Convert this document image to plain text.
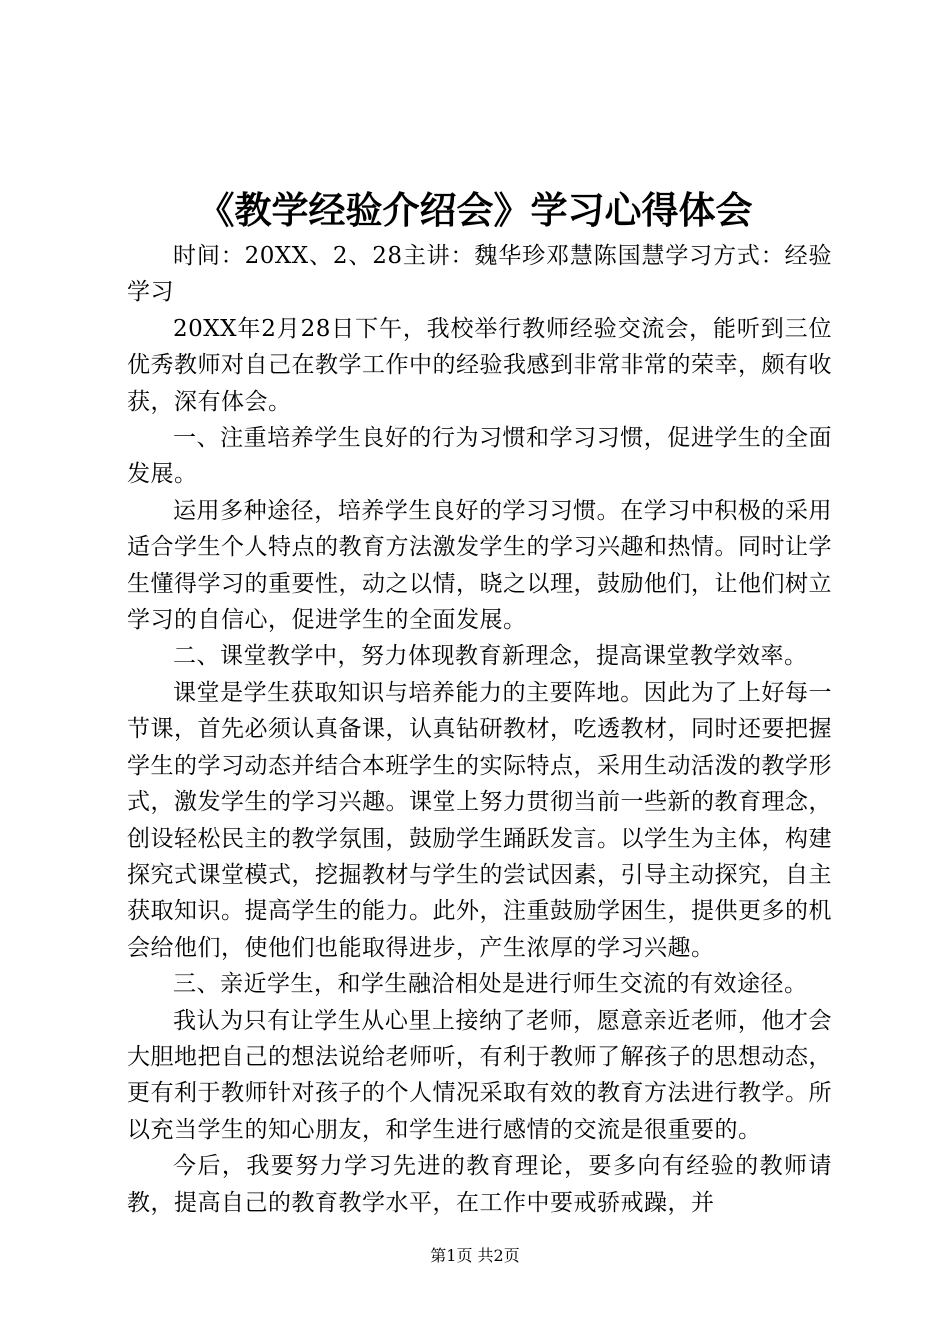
《教学经验介绍会》学习心得体会

时间：20XX、2、28主讲：魏华珍邓慧陈国慧学习方式：经验学习

20XX年2月28日下午，我校举行教师经验交流会，能听到三位优秀教师对自己在教学工作中的经验我感到非常非常的荣幸，颇有收获，深有体会。

一、注重培养学生良好的行为习惯和学习习惯，促进学生的全面发展。

运用多种途径，培养学生良好的学习习惯。在学习中积极的采用适合学生个人特点的教育方法激发学生的学习兴趣和热情。同时让学生懂得学习的重要性，动之以情，晓之以理，鼓励他们，让他们树立学习的自信心，促进学生的全面发展。

二、课堂教学中，努力体现教育新理念，提高课堂教学效率。

课堂是学生获取知识与培养能力的主要阵地。因此为了上好每一节课，首先必须认真备课，认真钻研教材，吃透教材，同时还要把握学生的学习动态并结合本班学生的实际特点，采用生动活泼的教学形式，激发学生的学习兴趣。课堂上努力贯彻当前一些新的教育理念，创设轻松民主的教学氛围，鼓励学生踊跃发言。以学生为主体，构建探究式课堂模式，挖掘教材与学生的尝试因素，引导主动探究，自主获取知识。提高学生的能力。此外，注重鼓励学困生，提供更多的机会给他们，使他们也能取得进步，产生浓厚的学习兴趣。

三、亲近学生，和学生融洽相处是进行师生交流的有效途径。

我认为只有让学生从心里上接纳了老师，愿意亲近老师，他才会大胆地把自己的想法说给老师听，有利于教师了解孩子的思想动态，更有利于教师针对孩子的个人情况采取有效的教育方法进行教学。所以充当学生的知心朋友，和学生进行感情的交流是很重要的。

今后，我要努力学习先进的教育理论，要多向有经验的教师请教，提高自己的教育教学水平，在工作中要戒骄戒躁，并

第1页 共2页
